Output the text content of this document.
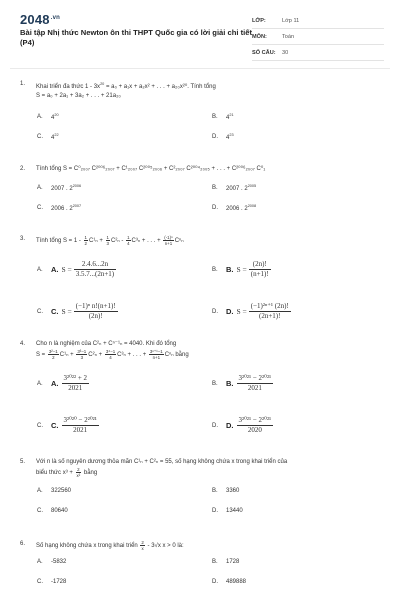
$2048^{.vn}$
Bài tập Nhị thức Newton ôn thi THPT Quốc gia có lời giải chi tiết (P4)
LỚP:	Lớp 11
MÔN:	Toán
SỐ CÂU:	30
1.	Khai triển đa thức $1 - 3x^{20} = a_0 + a_1x + a_2x^2$ + . . . + a₂₀x²⁰. Tính tổng
S = a₀ + 2a₁ + 3a₂ + . . . + 21a₂₀
A.	$4^{20}$	B.	$4^{21}$
C.	$4^{22}$	D.	$4^{23}$
2.	Tính tổng S = C⁰₂₀₀₇ C²⁰⁰⁶₂₀₀₇ + C¹₂₀₀₇ C²⁰⁰⁵₂₀₀₆ + C²₂₀₀₇ C²⁰⁰⁴₂₀₀₅ + . . . + C²⁰⁰⁶₂₀₀₇ C⁰₁
A.	2007 . $2^{2006}$	B.	2007 . $2^{2005}$
C.	2006 . $2^{2007}$	D.	2006 . $2^{2008}$
3.	Tính tổng $S = 1 - \frac{1}{2} C^1_n + \frac{1}{3} C^2_n - \frac{1}{4} C^3_n$ + . . . + $\frac{\text{(-1)ⁿ}}{n+1}$ Cⁿₙ
A.	A. $S = \frac{2.4.6...2n}{3.5.7...(2n+1)}$	B.	B. $S = \frac{(2n)!}{(n+1)!}$
C.	C. $S = \frac{\text{(−1)ⁿ n!(n+1)!}}{(2n)!}$	D.	D. $S = \frac{\text{(−1)²ⁿ⁺¹ (2n)!}}{(2n+1)!}$
4.	Cho n là nghiệm của C²ₙ + Cⁿ⁻¹ₙ = 4040. Khi đó tổng
$S = \frac{\text{3²−1}}{2} C^1_n + \frac{\text{3³−1}}{3} C^2_n + \frac{\text{3⁴−1}}{4} C^3_n$ + . . . + $\frac{\text{3ⁿ⁺¹−1}}{n+1}$ Cⁿₙ bằng
A.	A. $\frac{\text{3²⁰²² + 2}}{2021}$	B.	B. $\frac{\text{3²⁰²¹ − 2²⁰²¹}}{2021}$
C.	C. $\frac{\text{3²⁰²⁰ − 2²⁰²¹}}{2021}$	D.	D. $\frac{\text{3²⁰²¹ − 2²⁰²¹}}{2020}$
5.	Với n là số nguyên dương thỏa mãn C¹ₙ + C²ₙ = 55, số hạng không chứa x trong khai triển của
biểu thức $x^3 + \frac{2}{\text{x²}}$ bằng
A.	322560	B.	3360
C.	80640	D.	13440
6.	Số hạng không chứa x trong khai triển $\frac{2}{x} - 3√x$ x > 0 là:
A.	-5832	B.	1728
C.	-1728	D.	489888
